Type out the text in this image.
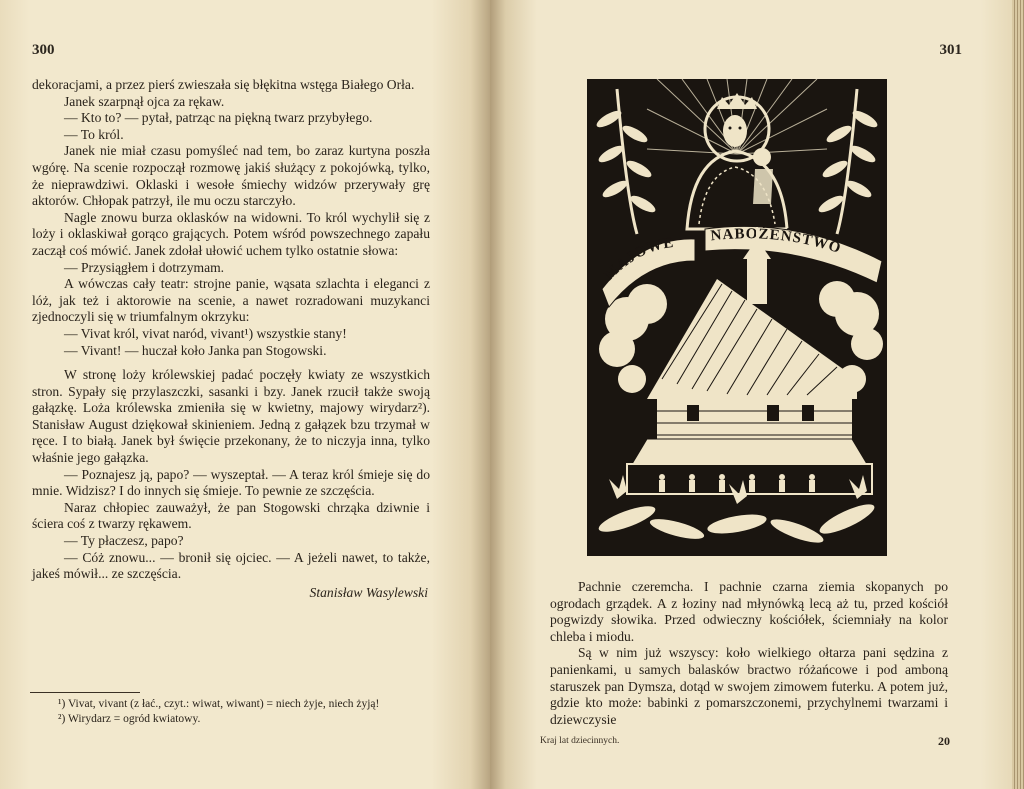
300

dekoracjami, a przez pierś zwieszała się błękitna wstęga Białego Orła.

Janek szarpnął ojca za rękaw.

— Kto to? — pytał, patrząc na piękną twarz przybyłego.

— To król.

Janek nie miał czasu pomyśleć nad tem, bo zaraz kurtyna poszła wgórę. Na scenie rozpoczął rozmowę jakiś służący z pokojówką, tylko, że nieprawdziwi. Oklaski i wesołe śmiechy widzów przerywały grę aktorów. Chłopak patrzył, ile mu oczu starczyło.

Nagle znowu burza oklasków na widowni. To król wychylił się z loży i oklaskiwał gorąco grających. Potem wśród powszechnego zapału zaczął coś mówić. Janek zdołał ułowić uchem tylko ostatnie słowa:

— Przysiągłem i dotrzymam.

A wówczas cały teatr: strojne panie, wąsata szlachta i eleganci z lóż, jak też i aktorowie na scenie, a nawet rozradowani muzykanci zjednoczyli się w triumfalnym okrzyku:

— Vivat król, vivat naród, vivant¹) wszystkie stany!

— Vivant! — huczał koło Janka pan Stogowski.

W stronę loży królewskiej padać poczęły kwiaty ze wszystkich stron. Sypały się przylaszczki, sasanki i bzy. Janek rzucił także swoją gałązkę. Loża królewska zmieniła się w kwietny, majowy wirydarz²). Stanisław August dziękował skinieniem. Jedną z gałązek bzu trzymał w ręce. I to białą. Janek był święcie przekonany, że to niczyja inna, tylko właśnie jego gałązka.

— Poznajesz ją, papo? — wyszeptał. — A teraz król śmieje się do mnie. Widzisz? I do innych się śmieje. To pewnie ze szczęścia.

Naraz chłopiec zauważył, że pan Stogowski chrząka dziwnie i ściera coś z twarzy rękawem.

— Ty płaczesz, papo?

— Cóż znowu... — bronił się ojciec. — A jeżeli nawet, to także, jakeś mówił... ze szczęścia.

Stanisław Wasylewski

¹) Vivat, vivant (z łać., czyt.: wiwat, wiwant) = niech żyje, niech żyją!

²) Wirydarz = ogród kwiatowy.

301
MAJOWE NABOŻEŃSTWO

Pachnie czeremcha. I pachnie czarna ziemia skopanych po ogrodach grządek. A z łoziny nad młynówką lecą aż tu, przed kościół pogwizdy słowika. Przed odwieczny kościółek, ściemniały na kolor chleba i miodu.

Są w nim już wszyscy: koło wielkiego ołtarza pani sędzina z panienkami, u samych balasków bractwo różańcowe i pod amboną staruszek pan Dymsza, dotąd w swojem zimowem futerku. A potem już, gdzie kto może: babinki z pomarszczonemi, przychylnemi twarzami i dziewczysie

Kraj lat dziecinnych.	20
